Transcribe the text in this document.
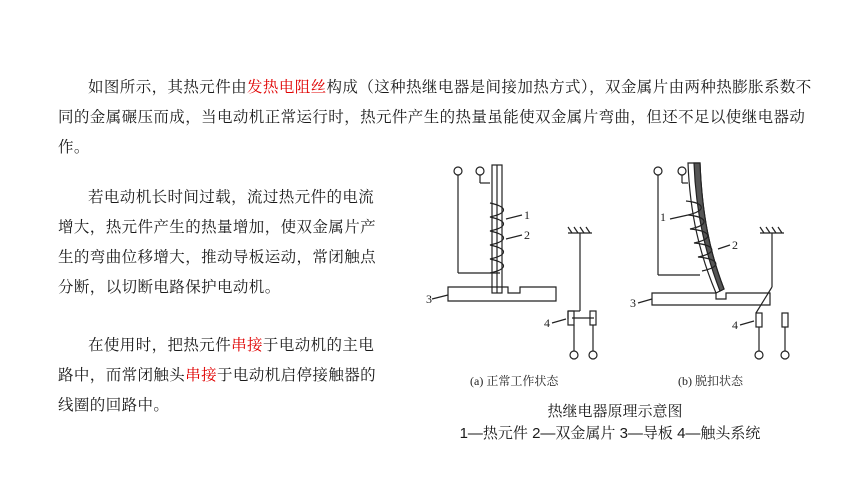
如图所示，其热元件由发热电阻丝构成（这种热继电器是间接加热方式），双金属片由两种热膨胀系数不同的金属碾压而成，当电动机正常运行时，热元件产生的热量虽能使双金属片弯曲，但还不足以使继电器动作。

若电动机长时间过载，流过热元件的电流增大，热元件产生的热量增加，使双金属片产生的弯曲位移增大，推动导板运动，常闭触点分断，以切断电路保护电动机。

在使用时，把热元件串接于电动机的主电路中，而常闭触头串接于电动机启停接触器的线圈的回路中。

1
2
3
4
(a) 正常工作状态
1
2
3
4
(b) 脱扣状态
热继电器原理示意图
1—热元件 2—双金属片 3—导板 4—触头系统
